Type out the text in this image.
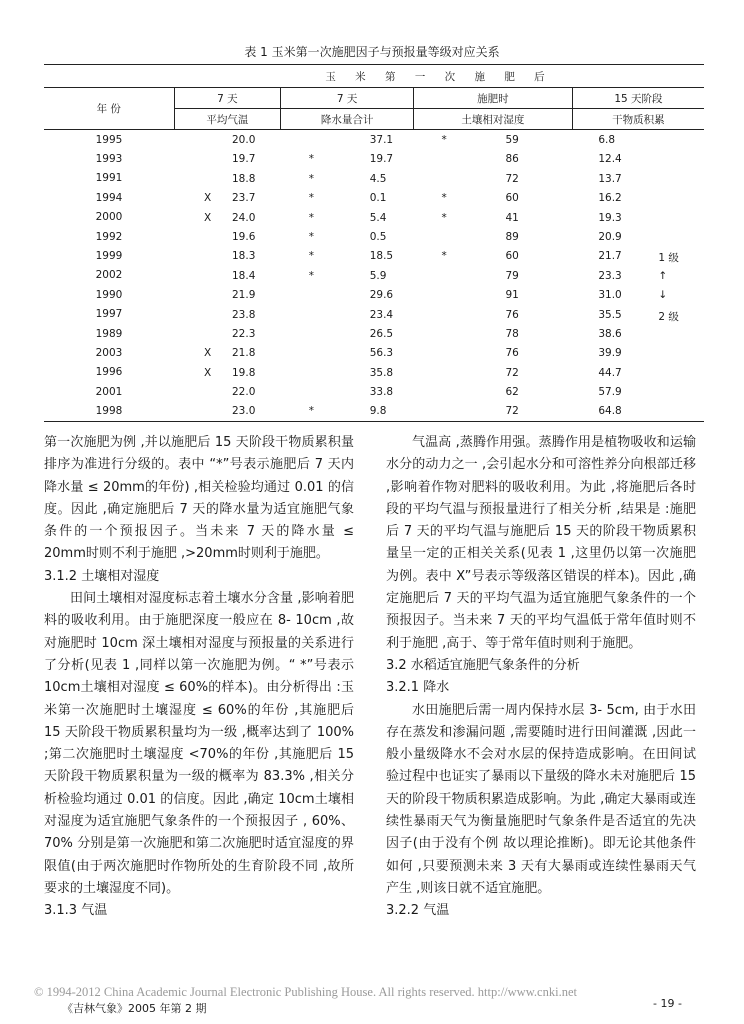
表 1 玉米第一次施肥因子与预报量等级对应关系
	玉 米 第 一 次 施 肥 后			
年 份	7 天	7 天	施肥时	15 天阶段
	平均气温	降水量合计	土壤相对湿度	干物质积累
1995	20.0	37.1	* 59	6.8

1993	19.7	* 19.7	86	12.4

1991	18.8	* 4.5	72	13.7

1994	X 23.7	* 0.1	* 60	16.2

2000	X 24.0	* 5.4	* 41	19.3

1992	19.6	* 0.5	89	20.9

1999	18.3	* 18.5	* 60	21.7 1 级

2002	18.4	* 5.9	79	23.3 ↑

1990	21.9	29.6	91	31.0 ↓

1997	23.8	23.4	76	35.5 2 级

1989	22.3	26.5	78	38.6

2003	X 21.8	56.3	76	39.9

1996	X 19.8	35.8	72	44.7

2001	22.0	33.8	62	57.9

1998	23.0	* 9.8	72	64.8

第一次施肥为例 ,并以施肥后 15 天阶段干物质累积量排序为准进行分级的。表中 “*”号表示施肥后 7 天内降水量 ≤ 20mm的年份) ,相关检验均通过 0.01 的信度。因此 ,确定施肥后 7 天的降水量为适宜施肥气象条件的一个预报因子。当未来 7 天的降水量 ≤ 20mm时则不利于施肥 ,>20mm时则利于施肥。

3.1.2 土壤相对湿度

田间土壤相对湿度标志着土壤水分含量 ,影响着肥料的吸收利用。由于施肥深度一般应在 8- 10cm ,故对施肥时 10cm 深土壤相对湿度与预报量的关系进行了分析(见表 1 ,同样以第一次施肥为例。“ *”号表示 10cm土壤相对湿度 ≤ 60%的样本)。由分析得出 :玉米第一次施肥时土壤湿度 ≤ 60%的年份 ,其施肥后 15 天阶段干物质累积量均为一级 ,概率达到了 100% ;第二次施肥时土壤湿度 <70%的年份 ,其施肥后 15 天阶段干物质累积量为一级的概率为 83.3% ,相关分析检验均通过 0.01 的信度。因此 ,确定 10cm土壤相对湿度为适宜施肥气象条件的一个预报因子 , 60%、70% 分别是第一次施肥和第二次施肥时适宜湿度的界限值(由于两次施肥时作物所处的生育阶段不同 ,故所要求的土壤湿度不同)。

3.1.3 气温

气温高 ,蒸腾作用强。蒸腾作用是植物吸收和运输水分的动力之一 ,会引起水分和可溶性养分向根部迁移 ,影响着作物对肥料的吸收利用。为此 ,将施肥后各时段的平均气温与预报量进行了相关分析 ,结果是 :施肥后 7 天的平均气温与施肥后 15 天的阶段干物质累积量呈一定的正相关关系(见表 1 ,这里仍以第一次施肥为例。表中 X”号表示等级落区错误的样本)。因此 ,确定施肥后 7 天的平均气温为适宜施肥气象条件的一个预报因子。当未来 7 天的平均气温低于常年值时则不利于施肥 ,高于、等于常年值时则利于施肥。

3.2 水稻适宜施肥气象条件的分析

3.2.1 降水

水田施肥后需一周内保持水层 3- 5cm, 由于水田存在蒸发和渗漏问题 ,需要随时进行田间灌溉 ,因此一般小量级降水不会对水层的保持造成影响。在田间试验过程中也证实了暴雨以下量级的降水未对施肥后 15 天的阶段干物质积累造成影响。为此 ,确定大暴雨或连续性暴雨天气为衡量施肥时气象条件是否适宜的先决因子(由于没有个例 故以理论推断)。即无论其他条件如何 ,只要预测未来 3 天有大暴雨或连续性暴雨天气产生 ,则该日就不适宜施肥。

3.2.2 气温

© 1994-2012 China Academic Journal Electronic Publishing House. All rights reserved. http://www.cnki.net
《吉林气象》2005 年第 2 期	- 19 -
